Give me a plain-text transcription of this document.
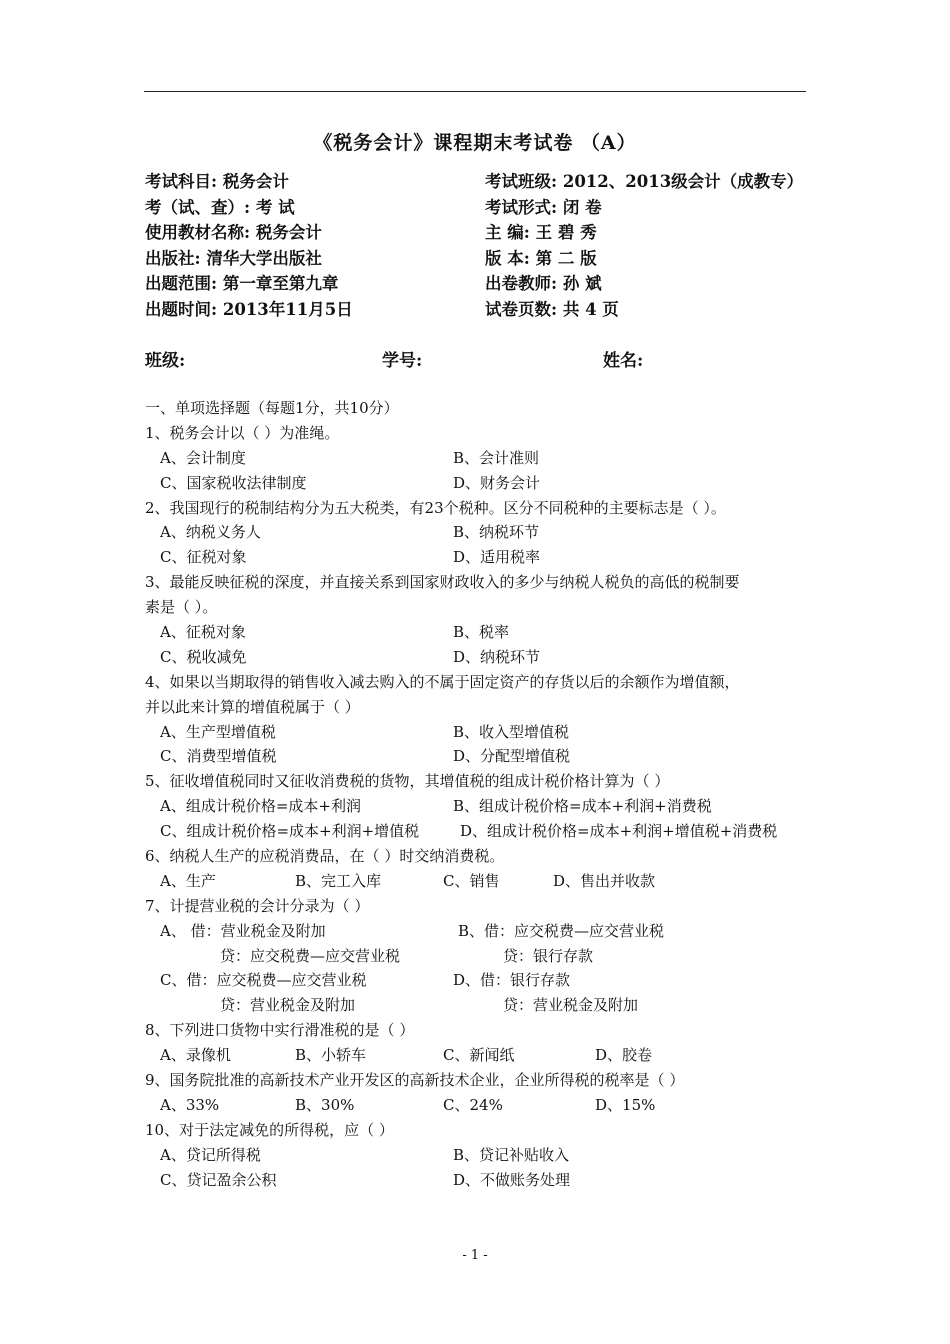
《税务会计》课程期末考试卷 （A）
考试科目: 税务会计	考试班级: 2012、2013级会计（成教专）
考（试、查）: 考 试	考试形式: 闭 卷
使用教材名称: 税务会计	主 编: 王 碧 秀
出版社: 清华大学出版社	版 本: 第 二 版
出题范围: 第一章至第九章	出卷教师: 孙 斌
出题时间: 2013年11月5日	试卷页数: 共 4 页
班级:	学号:	姓名:
一、单项选择题（每题1分，共10分）
1、税务会计以（ ）为准绳。
A、会计制度	B、会计准则
C、国家税收法律制度	D、财务会计
2、我国现行的税制结构分为五大税类，有23个税种。区分不同税种的主要标志是（ ）。
A、纳税义务人	B、纳税环节
C、征税对象	D、适用税率
3、最能反映征税的深度，并直接关系到国家财政收入的多少与纳税人税负的高低的税制要
素是（ ）。
A、征税对象	B、税率
C、税收减免	D、纳税环节
4、如果以当期取得的销售收入减去购入的不属于固定资产的存货以后的余额作为增值额，
并以此来计算的增值税属于（ ）
A、生产型增值税	B、收入型增值税
C、消费型增值税	D、分配型增值税
5、征收增值税同时又征收消费税的货物，其增值税的组成计税价格计算为（ ）
A、组成计税价格=成本+利润	B、组成计税价格=成本+利润+消费税
C、组成计税价格=成本+利润+增值税	D、组成计税价格=成本+利润+增值税+消费税
6、纳税人生产的应税消费品，在（ ）时交纳消费税。
A、生产	B、完工入库	C、销售	D、售出并收款
7、计提营业税的会计分录为（ ）
A、 借：营业税金及附加	B、借：应交税费—应交营业税
贷：应交税费—应交营业税	贷：银行存款
C、借：应交税费—应交营业税	D、借：银行存款
贷：营业税金及附加	贷：营业税金及附加
8、下列进口货物中实行滑准税的是（ ）
A、录像机	B、小轿车	C、新闻纸	D、胶卷
9、国务院批准的高新技术产业开发区的高新技术企业，企业所得税的税率是（ ）
A、33%	B、30%	C、24%	D、15%
10、对于法定减免的所得税，应（ ）
A、贷记所得税	B、贷记补贴收入
C、贷记盈余公积	D、不做账务处理
- 1 -
